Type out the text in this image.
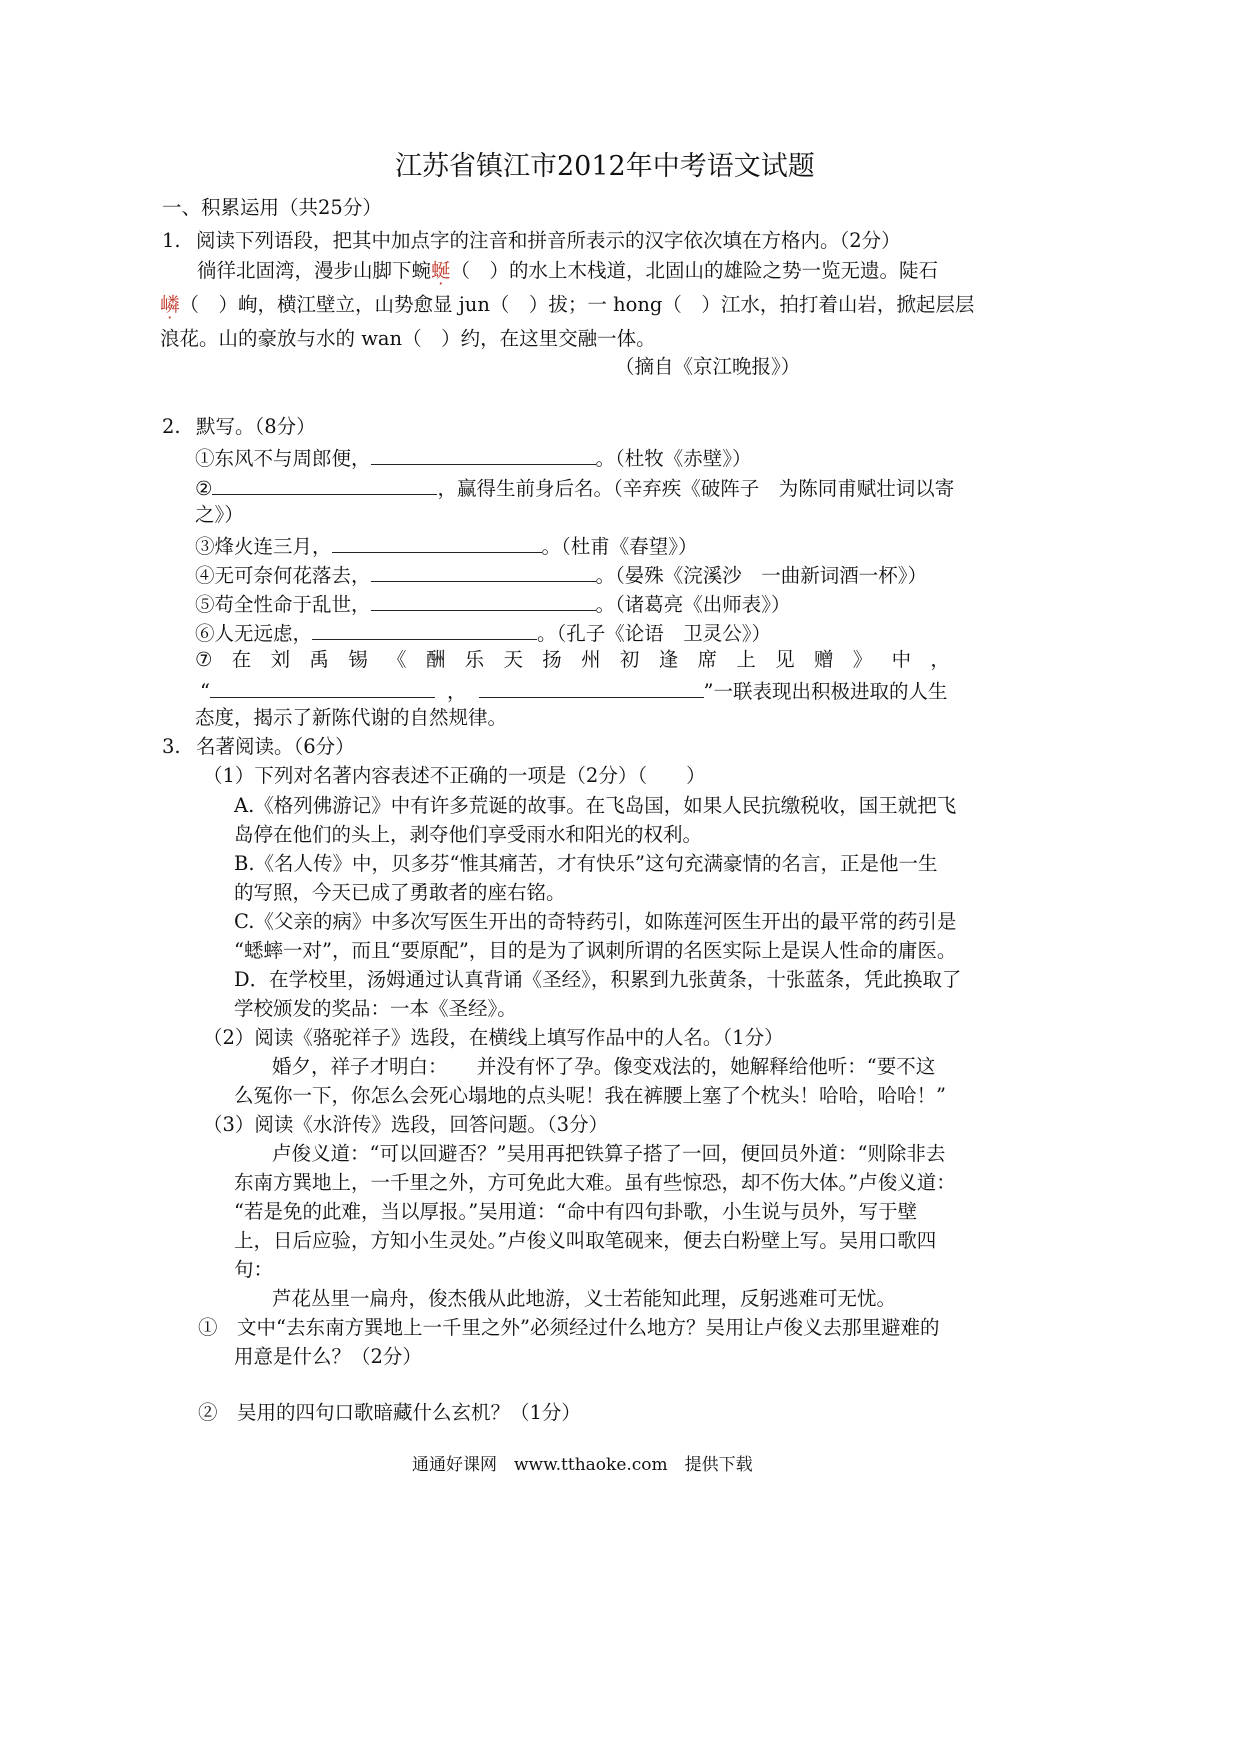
江苏省镇江市2012年中考语文试题
一、积累运用（共25分）
1. 阅读下列语段，把其中加点字的注音和拼音所表示的汉字依次填在方格内。（2分）
徜徉北固湾，漫步山脚下蜿蜒（　）的水上木栈道，北固山的雄险之势一览无遗。陡石
嶙（　）峋，横江壁立，山势愈显 jun（　）拔；一 hong（　）江水，拍打着山岩，掀起层层
浪花。山的豪放与水的 wan（　）约，在这里交融一体。
（摘自《京江晚报》）
2. 默写。（8分）
①东风不与周郎便，	。（杜牧《赤壁》）
②	，赢得生前身后名。（辛弃疾《破阵子　为陈同甫赋壮词以寄
之》）
③烽火连三月，	。（杜甫《春望》）
④无可奈何花落去，	。（晏殊《浣溪沙　一曲新词酒一杯》）
⑤苟全性命于乱世，	。（诸葛亮《出师表》）
⑥人无远虑，	。（孔子《论语　卫灵公》）
⑦ 在 刘 禹 锡 《 酬 乐 天 扬 州 初 逢 席 上 见 赠 》 中 ，
“	，	”一联表现出积极进取的人生
态度，揭示了新陈代谢的自然规律。
3. 名著阅读。（6分）
（1）下列对名著内容表述不正确的一项是（2分）（　　）
A.《格列佛游记》中有许多荒诞的故事。在飞岛国，如果人民抗缴税收，国王就把飞
岛停在他们的头上，剥夺他们享受雨水和阳光的权利。
B.《名人传》中，贝多芬“惟其痛苦，才有快乐”这句充满豪情的名言，正是他一生
的写照，今天已成了勇敢者的座右铭。
C.《父亲的病》中多次写医生开出的奇特药引，如陈莲河医生开出的最平常的药引是
“蟋蟀一对”，而且“要原配”，目的是为了讽刺所谓的名医实际上是误人性命的庸医。
D．在学校里，汤姆通过认真背诵《圣经》，积累到九张黄条，十张蓝条，凭此换取了
学校颁发的奖品：一本《圣经》。
（2）阅读《骆驼祥子》选段，在横线上填写作品中的人名。（1分）
婚夕，祥子才明白：　　并没有怀了孕。像变戏法的，她解释给他听：“要不这
么冤你一下，你怎么会死心塌地的点头呢！我在裤腰上塞了个枕头！哈哈，哈哈！”
（3）阅读《水浒传》选段，回答问题。（3分）
卢俊义道：“可以回避否？”吴用再把铁算子搭了一回，便回员外道：“则除非去
东南方巽地上，一千里之外，方可免此大难。虽有些惊恐，却不伤大体。”卢俊义道：
“若是免的此难，当以厚报。”吴用道：“命中有四句卦歌，小生说与员外，写于壁
上，日后应验，方知小生灵处。”卢俊义叫取笔砚来，便去白粉壁上写。吴用口歌四
句：
芦花丛里一扁舟，俊杰俄从此地游，义士若能知此理，反躬逃难可无忧。
①　文中“去东南方巽地上一千里之外”必须经过什么地方？吴用让卢俊义去那里避难的
用意是什么？（2分）
②　吴用的四句口歌暗藏什么玄机？（1分）
通通好课网　www.tthaoke.com　提供下载
